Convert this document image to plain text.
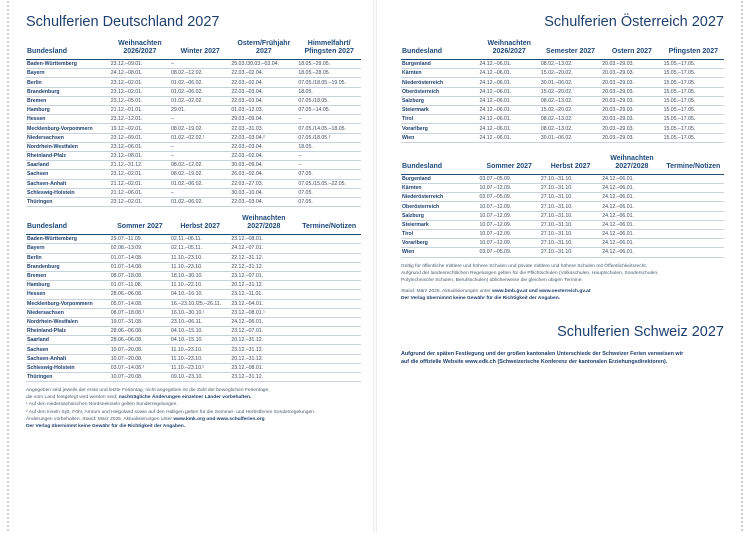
Schulferien Deutschland 2027
Bundesland	Weihnachten 2026/2027	Winter 2027	Ostern/Frühjahr 2027	Himmelfahrt/ Pfingsten 2027
Baden-Württemberg	23.12.–09.01.	–	25.03./30.03.–03.04.	18.05.–29.05.
Bayern	24.12.–08.01.	08.02.–12.02.	22.03.–02.04.	18.05.–28.05.
Berlin	23.12.–02.01.	01.02.–06.02.	22.03.–02.04.	07.05./18.05.–19.05.
Brandenburg	23.12.–02.01.	01.02.–06.02.	22.03.–03.04.	18.05.
Bremen	23.12.–05.01.	01.02.–02.02.	22.03.–03.04.	07.05./18.05.
Hamburg	21.12.–01.01.	29.01.	01.03.–12.03.	07.05.–14.05.
Hessen	23.12.–12.01.	–	29.03.–09.04.	–
Mecklenburg-Vorpommern	19.12.–02.01.	08.02.–19.02.	22.03.–31.03.	07.05./14.05.–18.05.
Niedersachsen	23.12.–09.01.	01.02.–02.02.¹	22.03.–03.04.²	07.05./18.05.²
Nordrhein-Westfalen	23.12.–06.01.	–	22.03.–03.04.	18.05.
Rheinland-Pfalz	23.12.–08.01.	–	22.03.–02.04.	–
Saarland	21.12.–31.12.	08.02.–12.02.	30.03.–09.04.	–
Sachsen	23.12.–02.01.	08.02.–19.02.	26.03.–02.04.	07.05.
Sachsen-Anhalt	21.12.–02.01.	01.02.–06.02.	22.03.–27.03.	07.05./15.05.–22.05.
Schleswig-Holstein	21.12.–06.01.	–	30.03.–10.04.	07.05.
Thüringen	23.12.–02.01.	01.02.–06.02.	22.03.–03.04.	07.05.
Bundesland	Sommer 2027	Herbst 2027	Weihnachten 2027/2028	Termine/Notizen
Baden-Württemberg	29.07.–11.09.	02.11.–06.11.	23.12.–08.01.	
Bayern	02.08.–13.09.	02.11.–05.11.	24.12.–07.01.	
Berlin	01.07.–14.08.	11.10.–23.10.	22.12.–31.12.	
Brandenburg	01.07.–14.08.	11.10.–23.10.	22.12.–31.12.	
Bremen	08.07.–18.08.	18.10.–30.10.	23.12.–07.01.	
Hamburg	01.07.–11.08.	11.10.–22.10.	20.12.–31.12.	
Hessen	28.06.–06.08.	04.10.–16.10.	23.12.–11.01.	
Mecklenburg-Vorpommern	05.07.–14.08.	16.–23.10./25.–26.11.	23.12.–04.01.	
Niedersachsen	08.07.–18.08.¹	16.10.–30.10.¹	23.12.–08.01.¹	
Nordrhein-Westfalen	19.07.–31.08.	23.10.–06.11.	24.12.–06.01.	
Rheinland-Pfalz	28.06.–06.08.	04.10.–15.10.	23.12.–07.01.	
Saarland	28.06.–06.08.	04.10.–15.10.	20.12.–31.12.	
Sachsen	10.07.–20.08.	11.10.–23.10.	23.12.–31.12.	
Sachsen-Anhalt	10.07.–20.08.	11.10.–23.10.	20.12.–31.12.	
Schleswig-Holstein	03.07.–14.08.²	11.10.–23.10.²	23.12.–08.01.	
Thüringen	10.07.–20.08.	09.10.–23.10.	23.12.–31.12.	
Angegeben sind jeweils der erste und letzte Ferientag, nicht angegeben ist die Zahl der beweglichen Ferientage,
die vom Land festgelegt wird werden sind; nachträgliche Änderungen einzelner Länder vorbehalten.
¹ Auf den niedersächsischen Nordseeinseln gelten Sonderregelungen.
² Auf den Inseln Sylt, Föhr, Amrum und Helgoland sowie auf den Halligen gelten für die Sommer- und Herbstferien Sonderregelungen.
Änderungen vorbehalten. Stand: März 2025. Aktualisierungen unter www.kmk.org und www.schulferien.org
Der Verlag übernimmt keine Gewähr für die Richtigkeit der Angaben.
Schulferien Österreich 2027
Bundesland	Weihnachten 2026/2027	Semester 2027	Ostern 2027	Pfingsten 2027
Burgenland	24.12.–06.01.	08.02.–13.02.	20.03.–29.03.	15.05.–17.05.
Kärnten	24.12.–06.01.	15.02.–20.02.	20.03.–29.03.	15.05.–17.05.
Niederösterreich	24.12.–06.01.	30.01.–06.02.	20.03.–29.03.	15.05.–17.05.
Oberösterreich	24.12.–06.01.	15.02.–20.02.	20.03.–29.03.	15.05.–17.05.
Salzburg	24.12.–06.01.	08.02.–13.02.	20.03.–29.03.	15.05.–17.05.
Steiermark	24.12.–06.01.	15.02.–20.02.	20.03.–29.03.	15.05.–17.05.
Tirol	24.12.–06.01.	08.02.–13.02.	20.03.–29.03.	15.05.–17.05.
Vorarlberg	24.12.–06.01.	08.02.–13.02.	20.03.–29.03.	15.05.–17.05.
Wien	24.12.–06.01.	30.01.–06.02.	20.03.–29.03.	15.05.–17.05.
Bundesland	Sommer 2027	Herbst 2027	Weihnachten 2027/2028	Termine/Notizen
Burgenland	03.07.–05.09.	27.10.–31.10.	24.12.–06.01.	
Kärnten	10.07.–12.09.	27.10.–31.10.	24.12.–06.01.	
Niederösterreich	03.07.–05.09.	27.10.–31.10.	24.12.–06.01.	
Oberösterreich	10.07.–12.09.	27.10.–31.10.	24.12.–06.01.	
Salzburg	10.07.–12.09.	27.10.–31.10.	24.12.–06.01.	
Steiermark	10.07.–12.09.	27.10.–31.10.	24.12.–06.01.	
Tirol	10.07.–12.09.	27.10.–31.10.	24.12.–06.01.	
Vorarlberg	10.07.–12.09.	27.10.–31.10.	24.12.–06.01.	
Wien	03.07.–05.09.	27.10.–31.10.	24.12.–06.01.	
Gültig für öffentliche mittlere und höhere Schulen und private mittlere und höhere Schulen mit Öffentlichkeitsrecht.
Aufgrund der landesrechtlichen Regelungen gelten für die Pflichtschulen (Volksschulen, Hauptschulen, Sonderschulen,
Polytechnische Schulen, Berufsschulen) üblicherweise die gleichen obigen Termine.
Stand: März 2025. Aktualisierungen unter www.bmb.gv.at und www.oesterreich.gv.at
Der Verlag übernimmt keine Gewähr für die Richtigkeit der Angaben.
Schulferien Schweiz 2027
Aufgrund der späten Festlegung und der großen kantonalen Unterschiede der Schweizer Ferien verweisen wir
auf die offizielle Website www.edk.ch (Schweizerische Konferenz der kantonalen Erziehungsdirektoren).
